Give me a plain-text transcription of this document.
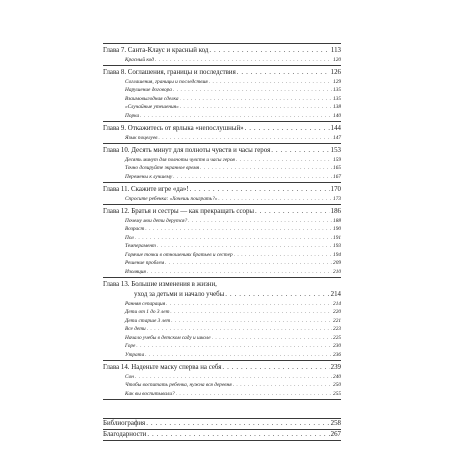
Глава 7. Санта-Клаус и красный код . . .	113
Красный код . . .	120
Глава 8. Соглашения, границы и последствия . . .	126
Соглашения, границы и последствия . . .	129
Нарушение договора . . .	135
Взаимовыгодная сделка . . .	135
«Случайные утешения» . . .	138
Порка . . .	140
Глава 9. Откажитесь от ярлыка «непослушный» . . .	144
Язык поцелуев . . .	147
Глава 10. Десять минут для полноты чувств и часы героя . . .	153
Десять минут для полноты чувств и часы героя . . .	159
Точно дозируйте экранное время . . .	165
Перемены к лучшему . . .	167
Глава 11. Скажите игре «да»! . . .	170
Спросите ребенка: «Хочешь поиграть?» . . .	173
Глава 12. Братья и сестры — как прекращать ссоры . . .	186
Почему мои дети дерутся? . . .	188
Возраст . . .	190
Пол . . .	191
Темперамент . . .	193
Горячие точки в отношениях братьев и сестер . . .	194
Решение проблем . . .	209
Изоляция . . .	210
Глава 13. Большие изменения в жизни,
уход за детьми и начало учебы . . .	214
Ранняя сепарация . . .	214
Дети от 1 до 3 лет . . .	220
Дети старше 3 лет . . .	221
Все дети . . .	223
Начало учебы в детском саду и школе . . .	225
Горе . . .	230
Утрата . . .	236
Глава 14. Наденьте маску сперва на себя . . .	239
Сон . . .	240
Чтобы воспитать ребенка, нужна вся деревня . . .	250
Как вы воспитывали? . . .	255
Библиография . . .	258
Благодарности . . .	267
